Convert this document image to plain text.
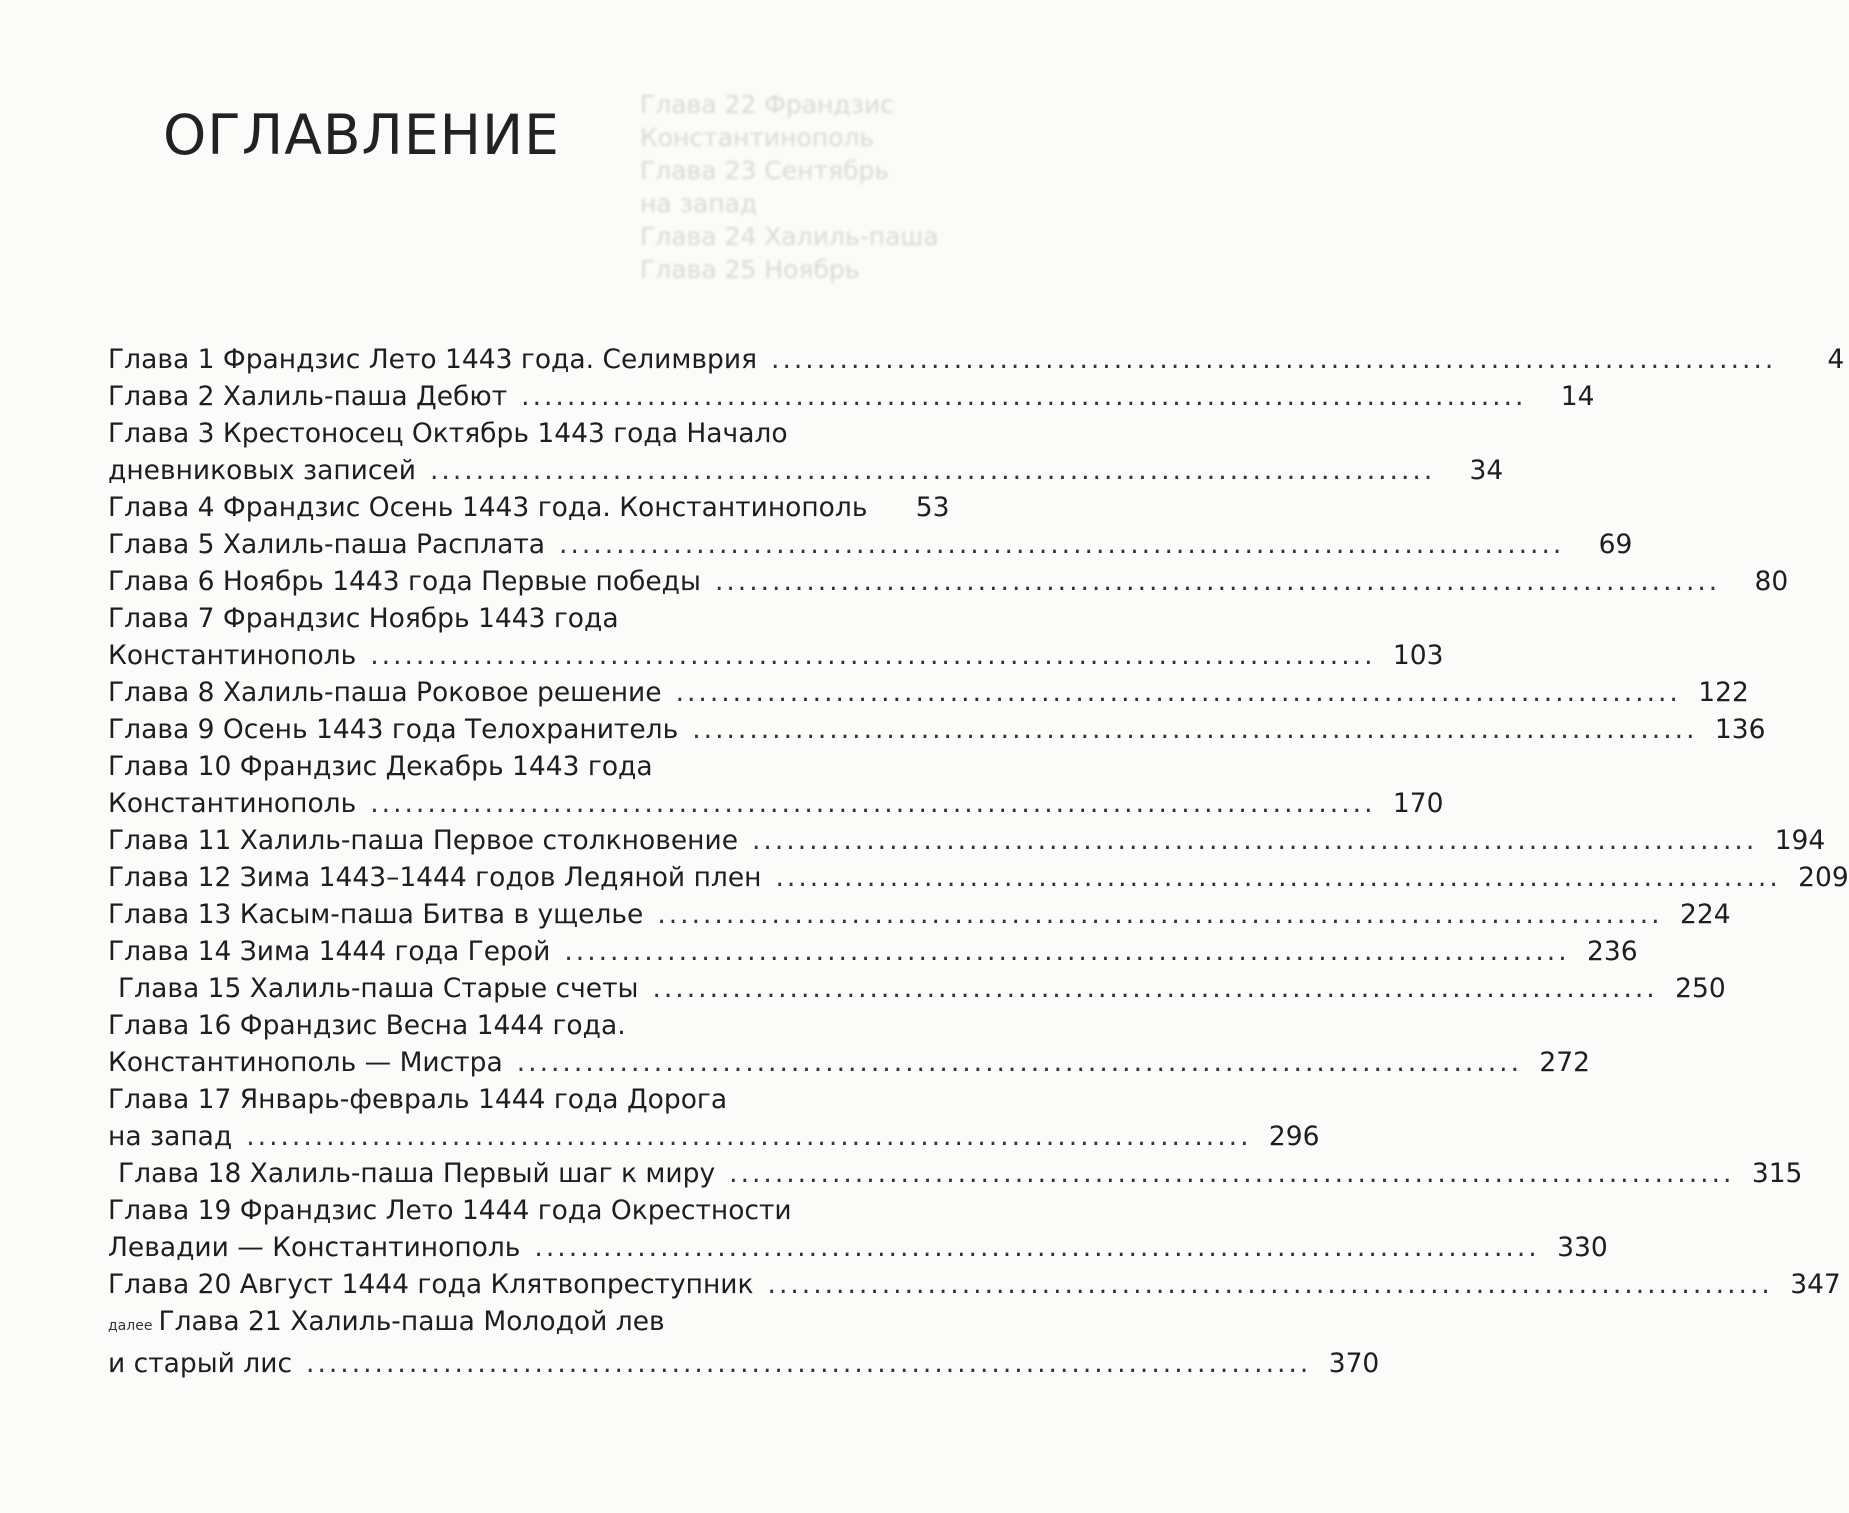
Глава 22 Франдзис
Константинополь
Глава 23 Сентябрь
на запад
Глава 24 Халиль-паша
Глава 25 Ноябрь
ОГЛАВЛЕНИЕ
Глава 1 Франдзис Лето 1443 года. Селимврия ........................................................................................	4
Глава 2 Халиль-паша Дебют ........................................................................................	14
Глава 3 Крестоносец Октябрь 1443 года Начало
дневниковых записей ........................................................................................	34
Глава 4 Франдзис Осень 1443 года. Константинополь	53
Глава 5 Халиль-паша Расплата ........................................................................................	69
Глава 6 Ноябрь 1443 года Первые победы ........................................................................................	80
Глава 7 Франдзис Ноябрь 1443 года
Константинополь ........................................................................................ 103
Глава 8 Халиль-паша Роковое решение ........................................................................................ 122
Глава 9 Осень 1443 года Телохранитель ........................................................................................ 136
Глава 10 Франдзис Декабрь 1443 года
Константинополь ........................................................................................ 170
Глава 11 Халиль-паша Первое столкновение ........................................................................................ 194
Глава 12 Зима 1443–1444 годов Ледяной плен ........................................................................................ 209
Глава 13 Касым-паша Битва в ущелье ........................................................................................ 224
Глава 14 Зима 1444 года Герой ........................................................................................ 236
Глава 15 Халиль-паша Старые счеты ........................................................................................ 250
Глава 16 Франдзис Весна 1444 года.
Константинополь — Мистра ........................................................................................ 272
Глава 17 Январь-февраль 1444 года Дорога
на запад ........................................................................................ 296
Глава 18 Халиль-паша Первый шаг к миру ........................................................................................ 315
Глава 19 Франдзис Лето 1444 года Окрестности
Левадии — Константинополь ........................................................................................ 330
Глава 20 Август 1444 года Клятвопреступник ........................................................................................ 347
далее Глава 21 Халиль-паша Молодой лев
и старый лис ........................................................................................ 370
